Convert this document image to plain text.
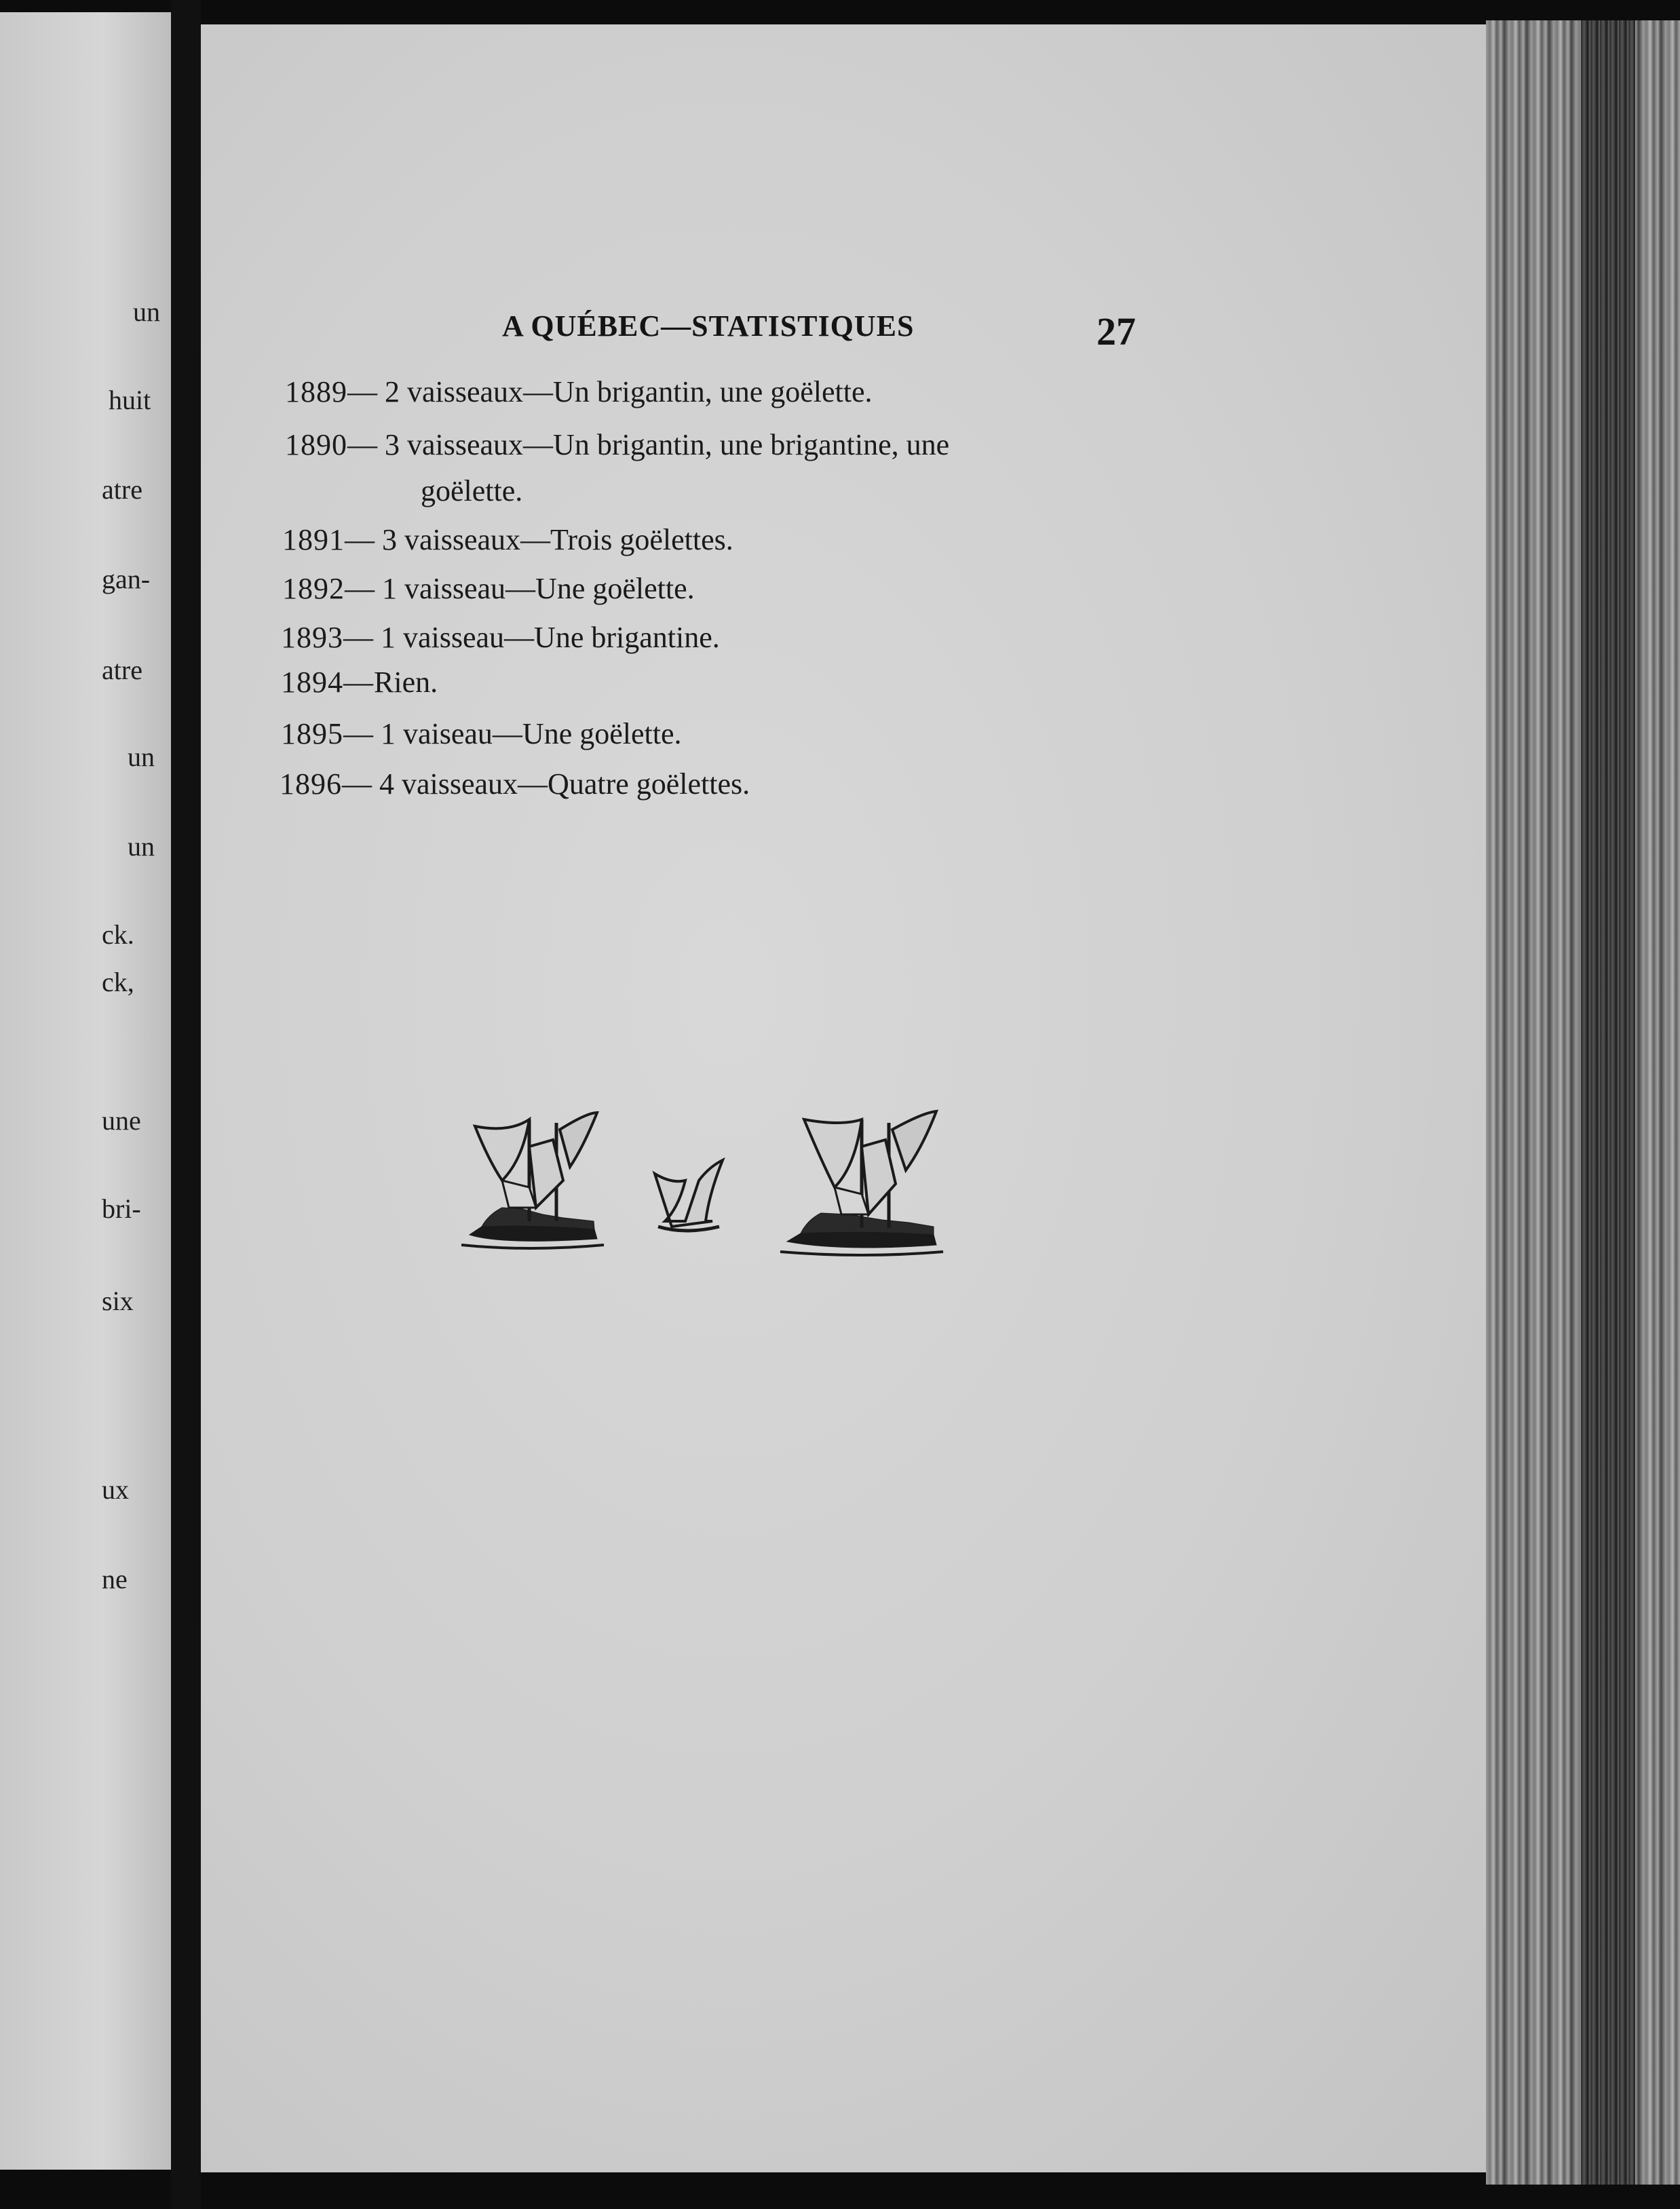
un
huit
atre
gan-
atre
un
un
ck.
ck,
une
bri-
six
ux
ne
A QUÉBEC—STATISTIQUES	27
1889— 2 vaisseaux—Un brigantin, une goëlette.
1890— 3 vaisseaux—Un brigantin, une brigantine, une
goëlette.
1891— 3 vaisseaux—Trois goëlettes.
1892— 1 vaisseau—Une goëlette.
1893— 1 vaisseau—Une brigantine.
1894—Rien.
1895— 1 vaiseau—Une goëlette.
1896— 4 vaisseaux—Quatre goëlettes.
